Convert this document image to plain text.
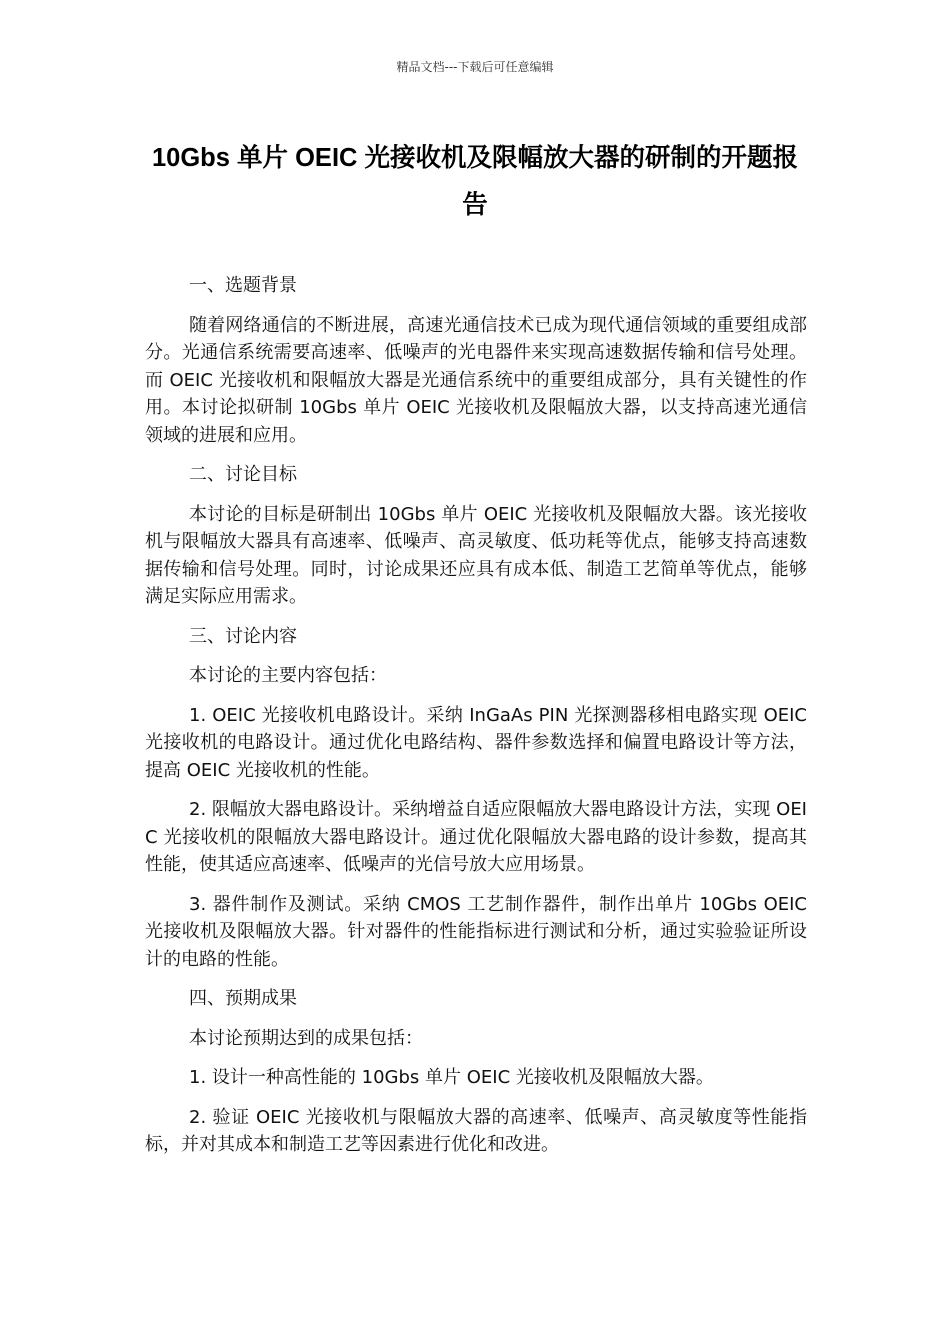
精品文档---下载后可任意编辑
10Gbs 单片 OEIC 光接收机及限幅放大器的研制的开题报告

一、选题背景

随着网络通信的不断进展，高速光通信技术已成为现代通信领域的重要组成部分。光通信系统需要高速率、低噪声的光电器件来实现高速数据传输和信号处理。而 OEIC 光接收机和限幅放大器是光通信系统中的重要组成部分，具有关键性的作用。本讨论拟研制 10Gbs 单片 OEIC 光接收机及限幅放大器，以支持高速光通信领域的进展和应用。

二、讨论目标

本讨论的目标是研制出 10Gbs 单片 OEIC 光接收机及限幅放大器。该光接收机与限幅放大器具有高速率、低噪声、高灵敏度、低功耗等优点，能够支持高速数据传输和信号处理。同时，讨论成果还应具有成本低、制造工艺简单等优点，能够满足实际应用需求。

三、讨论内容

本讨论的主要内容包括：

1. OEIC 光接收机电路设计。采纳 InGaAs PIN 光探测器移相电路实现 OEIC 光接收机的电路设计。通过优化电路结构、器件参数选择和偏置电路设计等方法，提高 OEIC 光接收机的性能。

2. 限幅放大器电路设计。采纳增益自适应限幅放大器电路设计方法，实现 OEIC 光接收机的限幅放大器电路设计。通过优化限幅放大器电路的设计参数，提高其性能，使其适应高速率、低噪声的光信号放大应用场景。

3. 器件制作及测试。采纳 CMOS 工艺制作器件，制作出单片 10Gbs OEIC 光接收机及限幅放大器。针对器件的性能指标进行测试和分析，通过实验验证所设计的电路的性能。

四、预期成果

本讨论预期达到的成果包括：

1. 设计一种高性能的 10Gbs 单片 OEIC 光接收机及限幅放大器。

2. 验证 OEIC 光接收机与限幅放大器的高速率、低噪声、高灵敏度等性能指标，并对其成本和制造工艺等因素进行优化和改进。
